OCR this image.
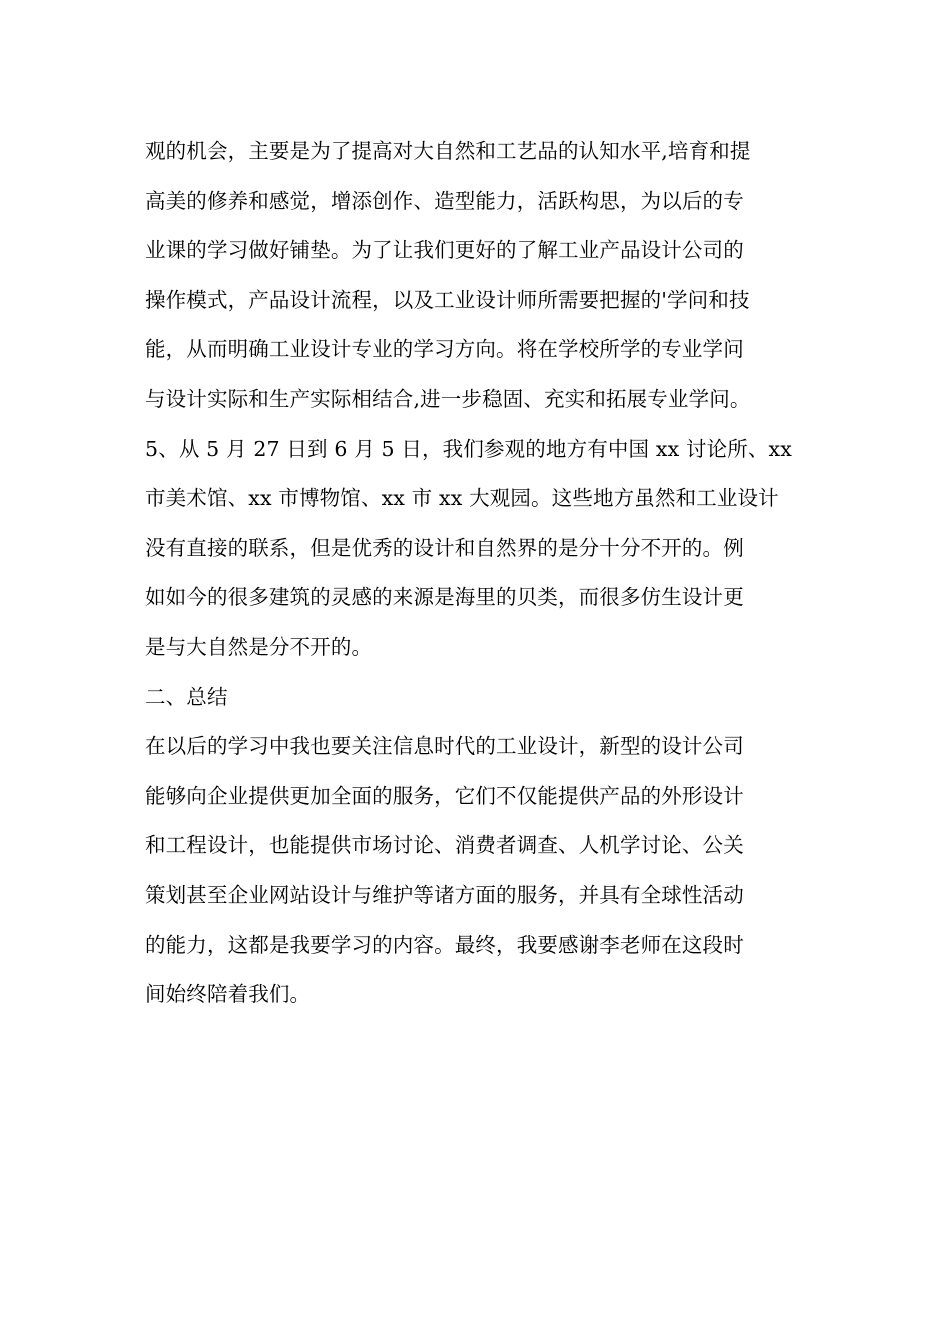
观的机会，主要是为了提高对大自然和工艺品的认知水平,培育和提
高美的修养和感觉，增添创作、造型能力，活跃构思，为以后的专
业课的学习做好铺垫。为了让我们更好的了解工业产品设计公司的
操作模式，产品设计流程，以及工业设计师所需要把握的'学问和技
能，从而明确工业设计专业的学习方向。将在学校所学的专业学问
与设计实际和生产实际相结合,进一步稳固、充实和拓展专业学问。
5、从 5 月 27 日到 6 月 5 日，我们参观的地方有中国 xx 讨论所、xx
市美术馆、xx 市博物馆、xx 市 xx 大观园。这些地方虽然和工业设计
没有直接的联系，但是优秀的设计和自然界的是分十分不开的。例
如如今的很多建筑的灵感的来源是海里的贝类，而很多仿生设计更
是与大自然是分不开的。
二、总结
在以后的学习中我也要关注信息时代的工业设计，新型的设计公司
能够向企业提供更加全面的服务，它们不仅能提供产品的外形设计
和工程设计，也能提供市场讨论、消费者调查、人机学讨论、公关
策划甚至企业网站设计与维护等诸方面的服务，并具有全球性活动
的能力，这都是我要学习的内容。最终，我要感谢李老师在这段时
间始终陪着我们。
